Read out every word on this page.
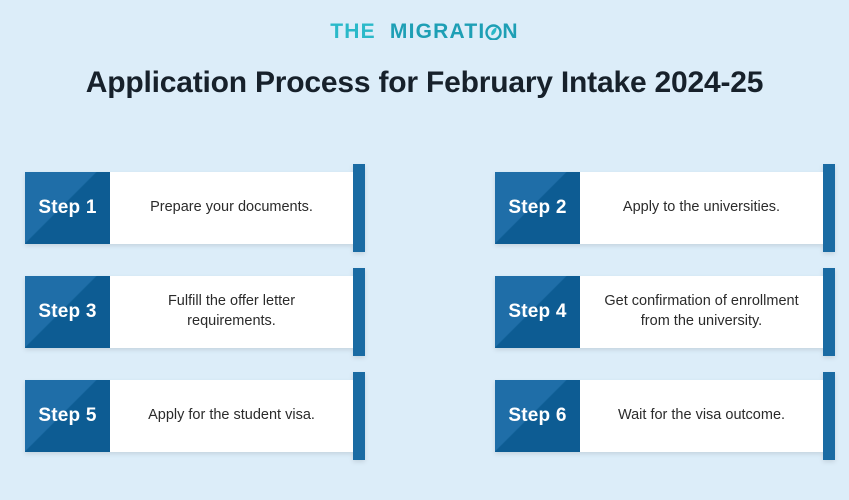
THE MIGRATI N
Application Process for February Intake 2024-25
Step 1	Prepare your documents.	Step 2	Apply to the universities.
Step 3	Fulfill the offer letter requirements.	Step 4	Get confirmation of enrollment from the university.
Step 5	Apply for the student visa.	Step 6	Wait for the visa outcome.
